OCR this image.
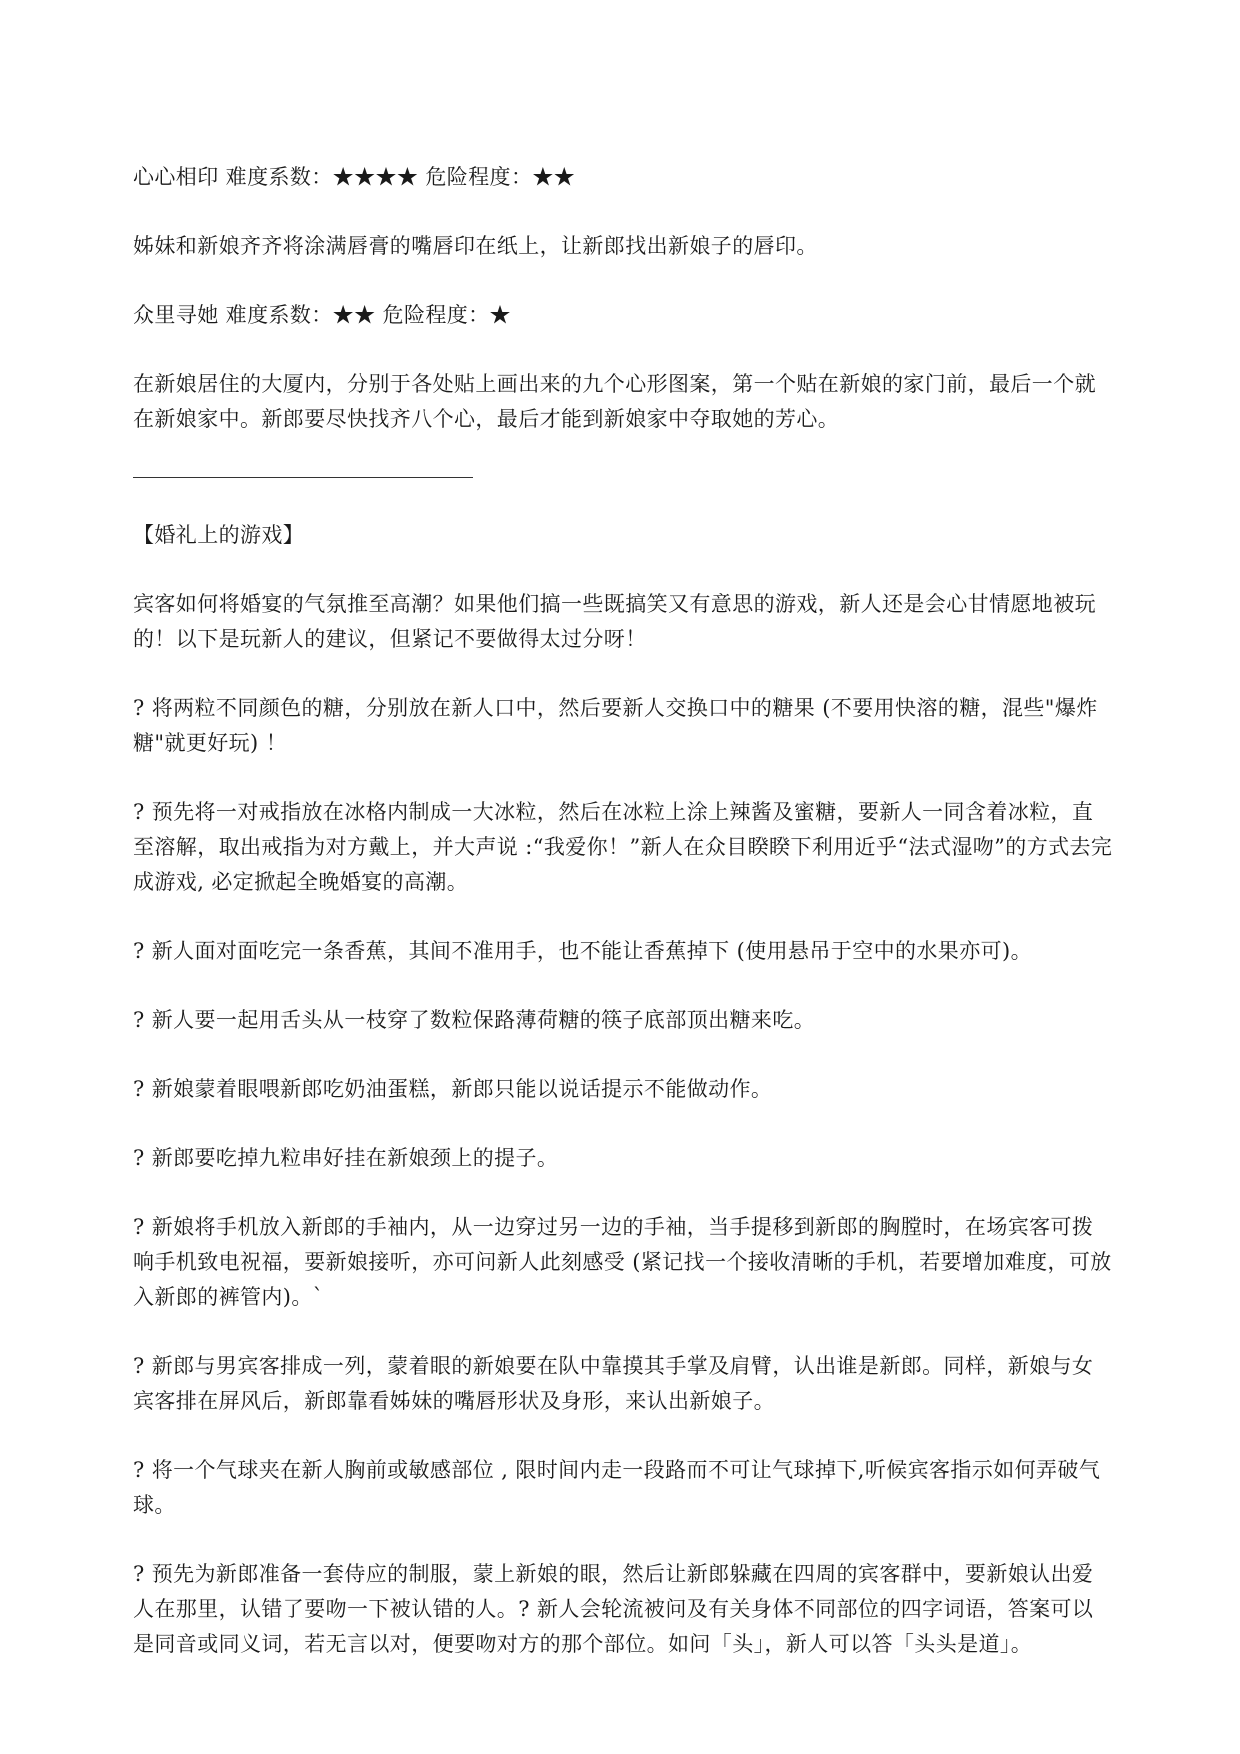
心心相印 难度系数：★★★★ 危险程度：★★

姊妹和新娘齐齐将涂满唇膏的嘴唇印在纸上，让新郎找出新娘子的唇印。

众里寻她 难度系数：★★ 危险程度：★

在新娘居住的大厦内，分别于各处贴上画出来的九个心形图案，第一个贴在新娘的家门前，最后一个就在新娘家中。新郎要尽快找齐八个心，最后才能到新娘家中夺取她的芳心。

【婚礼上的游戏】

宾客如何将婚宴的气氛推至高潮？如果他们搞一些既搞笑又有意思的游戏，新人还是会心甘情愿地被玩的！以下是玩新人的建议，但紧记不要做得太过分呀！

? 将两粒不同颜色的糖，分别放在新人口中，然后要新人交换口中的糖果 (不要用快溶的糖，混些"爆炸糖"就更好玩) ！

? 预先将一对戒指放在冰格内制成一大冰粒，然后在冰粒上涂上辣酱及蜜糖，要新人一同含着冰粒，直至溶解，取出戒指为对方戴上，并大声说 :“我爱你！”新人在众目睽睽下利用近乎“法式湿吻”的方式去完成游戏, 必定掀起全晚婚宴的高潮。

? 新人面对面吃完一条香蕉，其间不准用手，也不能让香蕉掉下 (使用悬吊于空中的水果亦可)。

? 新人要一起用舌头从一枝穿了数粒保路薄荷糖的筷子底部顶出糖来吃。

? 新娘蒙着眼喂新郎吃奶油蛋糕，新郎只能以说话提示不能做动作。

? 新郎要吃掉九粒串好挂在新娘颈上的提子。

? 新娘将手机放入新郎的手袖内，从一边穿过另一边的手袖，当手提移到新郎的胸膛时，在场宾客可拨响手机致电祝福，要新娘接听，亦可问新人此刻感受 (紧记找一个接收清晰的手机，若要增加难度，可放入新郎的裤管内)。`

? 新郎与男宾客排成一列，蒙着眼的新娘要在队中靠摸其手掌及肩臂，认出谁是新郎。同样，新娘与女宾客排在屏风后，新郎靠看姊妹的嘴唇形状及身形，来认出新娘子。

? 将一个气球夹在新人胸前或敏感部位 , 限时间内走一段路而不可让气球掉下,听候宾客指示如何弄破气球。

? 预先为新郎准备一套侍应的制服，蒙上新娘的眼，然后让新郎躲藏在四周的宾客群中，要新娘认出爱人在那里，认错了要吻一下被认错的人。? 新人会轮流被问及有关身体不同部位的四字词语，答案可以是同音或同义词，若无言以对，便要吻对方的那个部位。如问「头」，新人可以答「头头是道」。
